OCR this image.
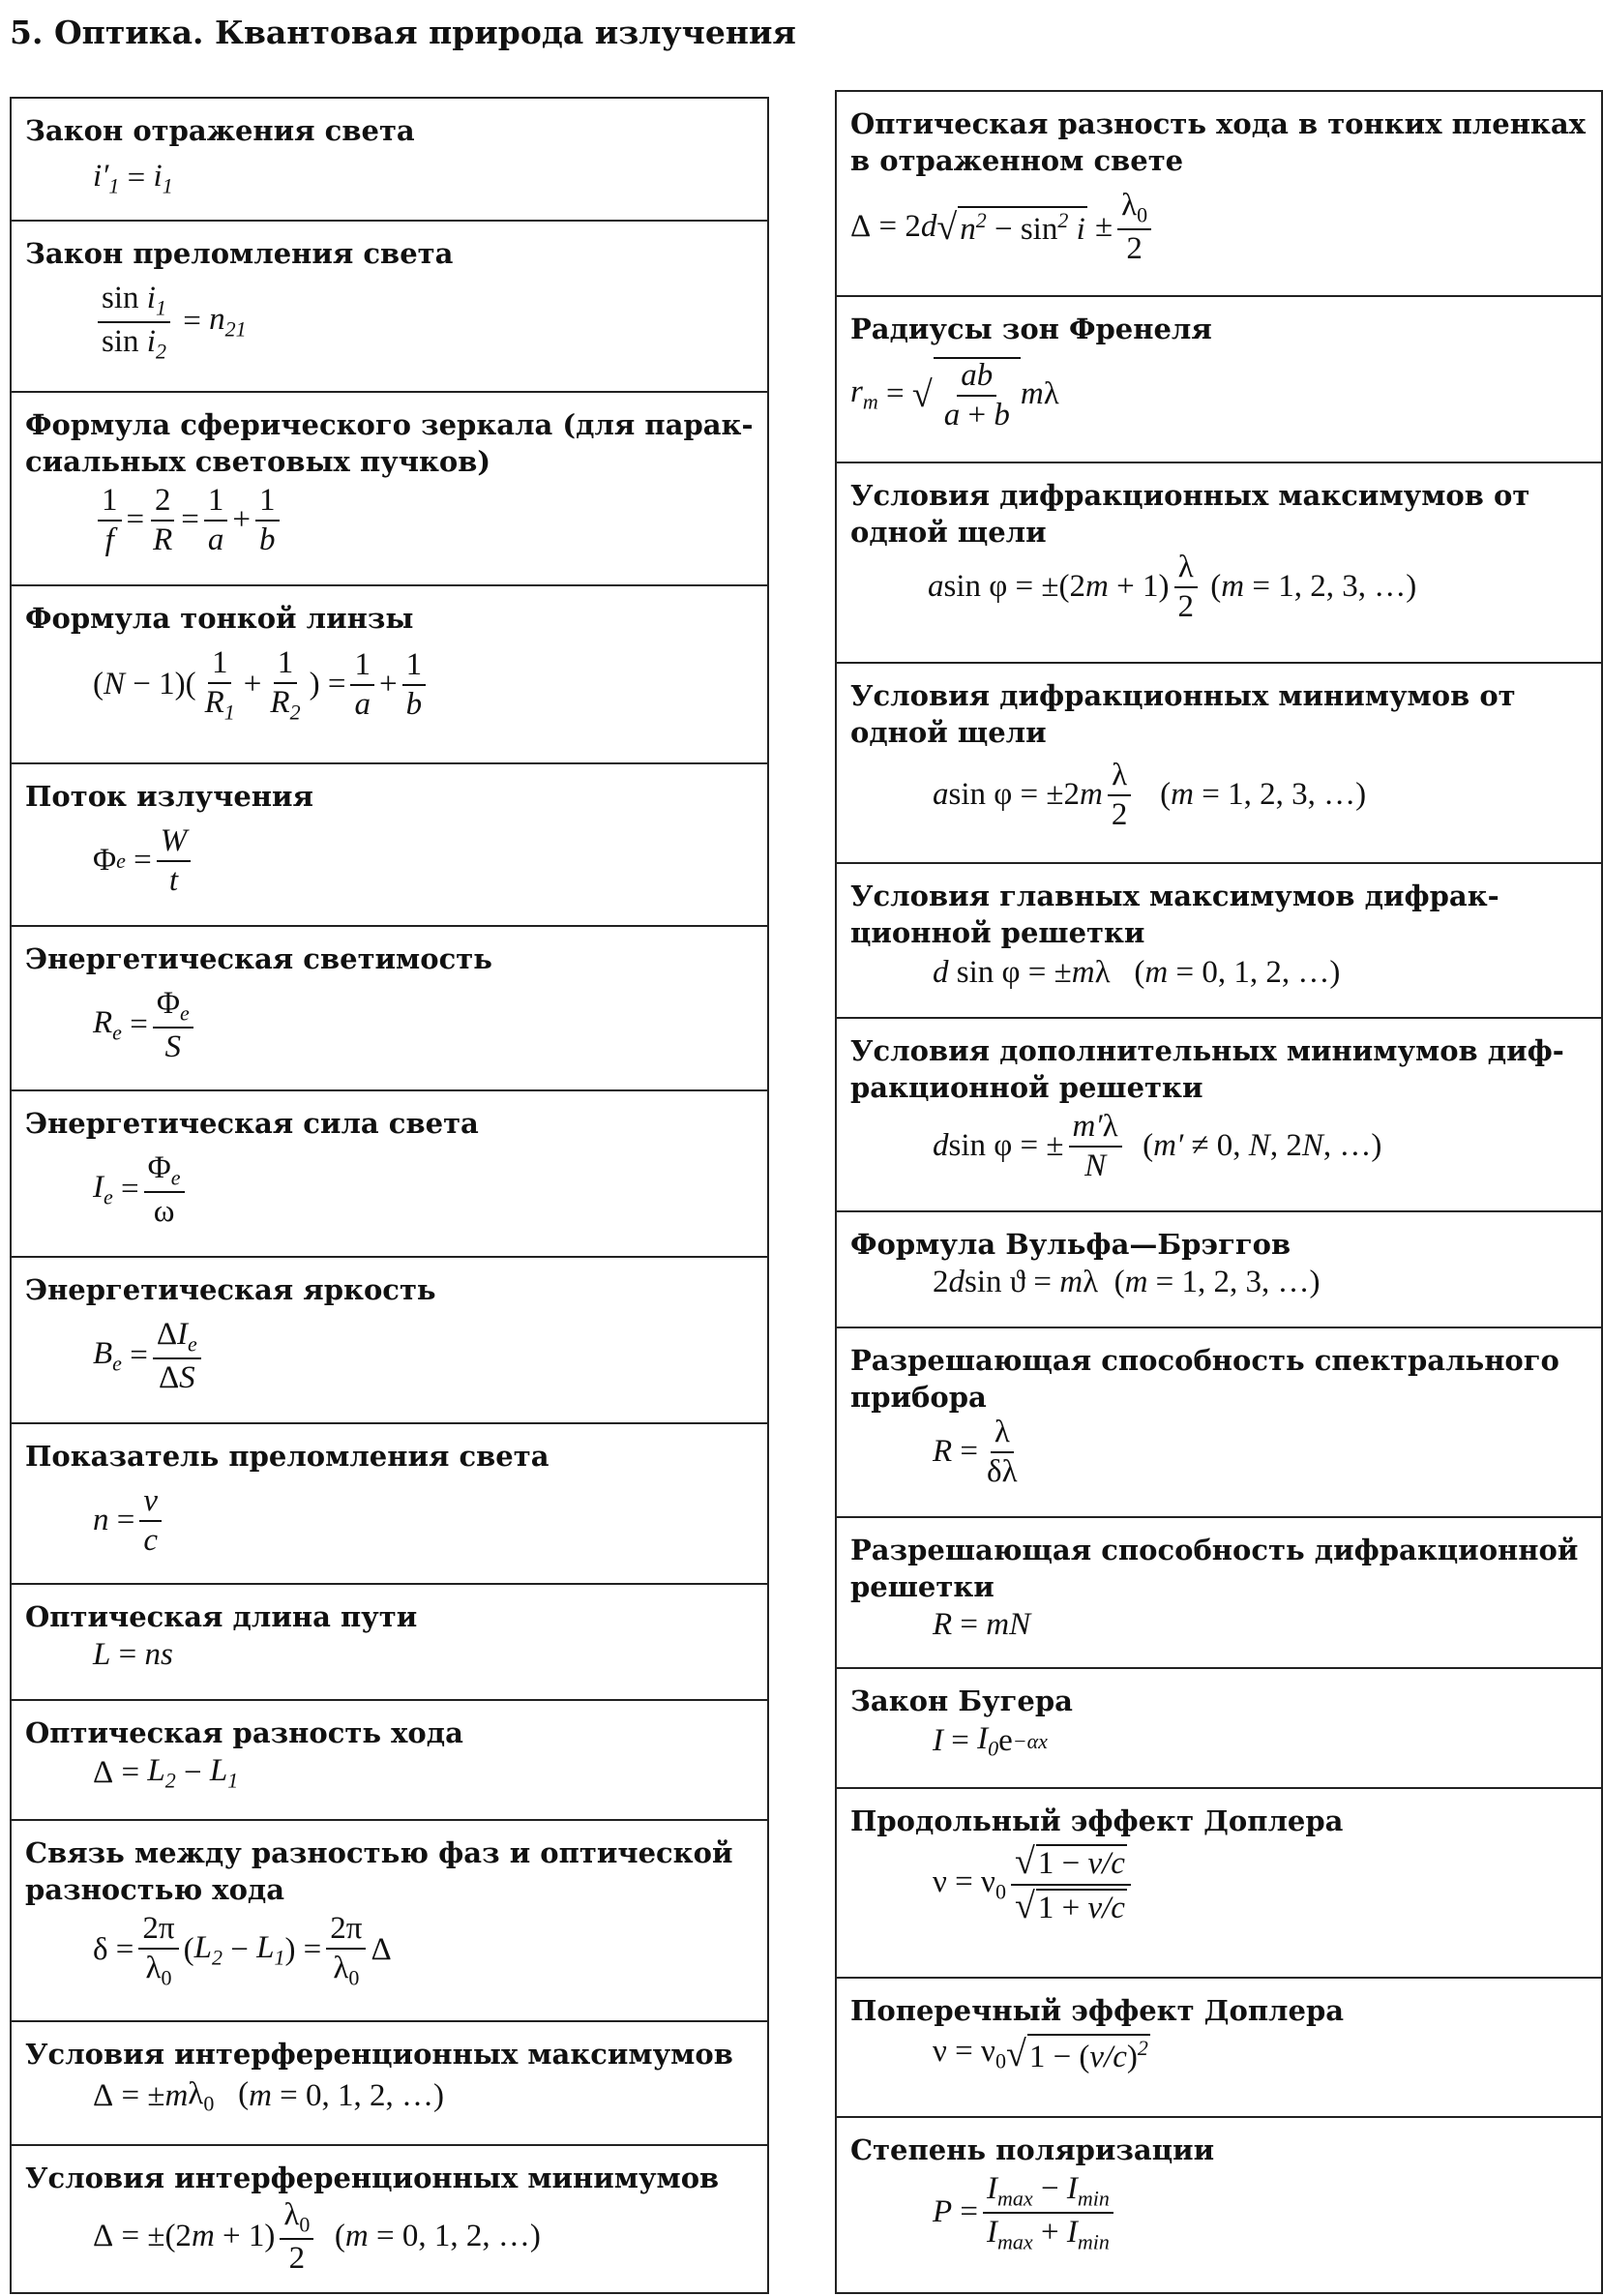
5. Оптика. Квантовая природа излучения
Закон отражения света
$i'_1 = i_1$
Закон преломления света
$\frac{\sin i_1}{\sin i_2} = n_{21}$
Формула сферического зеркала (для парак-сиальных световых пучков)
$\frac{1}{f} = \frac{2}{R} = \frac{1}{a} + \frac{1}{b}$
Формула тонкой линзы
( $N - 1)( \frac{1}{R_1} + \frac{1}{R_2}$ ) = $\frac{1}{a} + \frac{1}{b}$
Поток излучения
Φ $e = \frac{W}{t}$
Энергетическая светимость
$R_e = \frac{\Phi_e}{S}$
Энергетическая сила света
$I_e = \frac{\Phi_e}{\omega}$
Энергетическая яркость
$B_e = \frac{\Delta I_e}{\Delta S}$
Показатель преломления света
$n = \frac{v}{c}$
Оптическая длина пути
L = ns
Оптическая разность хода
$\Delta = L_2 - L_1$
Связь между разностью фаз и оптической разностью хода
$\delta = \frac{2\pi}{\lambda_0}$ ( $L_2 - L_1$ ) = $\frac{2\pi}{\lambda_0}$ Δ
Условия интерференционных максимумов
Δ = ± m $\lambda_0$   ( m = 0, 1, 2, …)
Условия интерференционных минимумов
Δ = ±(2 $m + 1) \frac{\lambda_0}{2}$ ( m = 0, 1, 2, …)
Оптическая разность хода в тонких пленках в отраженном свете
Δ = 2 d √ $n^2 - \sin^2 i \pm \frac{\lambda_0}{2}$
Радиусы зон Френеля
$r_m$ = √ $\frac{ab}{a + b}$ m λ
Условия дифракционных максимумов от одной щели
a sin φ = ±(2 $m + 1) \frac{\lambda}{2}$ ( m = 1, 2, 3, …)
Условия дифракционных минимумов от одной щели
a sin φ = ±2 m $\frac{\lambda}{2}$ ( m = 1, 2, 3, …)
Условия главных максимумов дифрак-ционной решетки
d sin φ = ± m λ   ( m = 0, 1, 2, …)
Условия дополнительных минимумов диф-ракционной решетки
d sin φ = ± $\frac{m'\lambda}{N}$ ( m′ ≠ 0, N , 2 N , …)
Формула Вульфа—Брэггов
2 d sin ϑ = m λ  ( m = 1, 2, 3, …)
Разрешающая способность спектрального прибора
$R = \frac{\lambda}{\delta\lambda}$
Разрешающая способность дифракционной решетки
R = mN
Закон Бугера
$I = I_0$ e −αx
Продольный эффект Доплера
$\nu = \nu_0 \frac{√1 - v/c}{√1 + v/c}$
Поперечный эффект Доплера
$\nu = \nu_0$ √ $1 - (v/c)^2$
Степень поляризации
$P = \frac{I_{max} - I_{min}}{I_{max} + I_{min}}$
